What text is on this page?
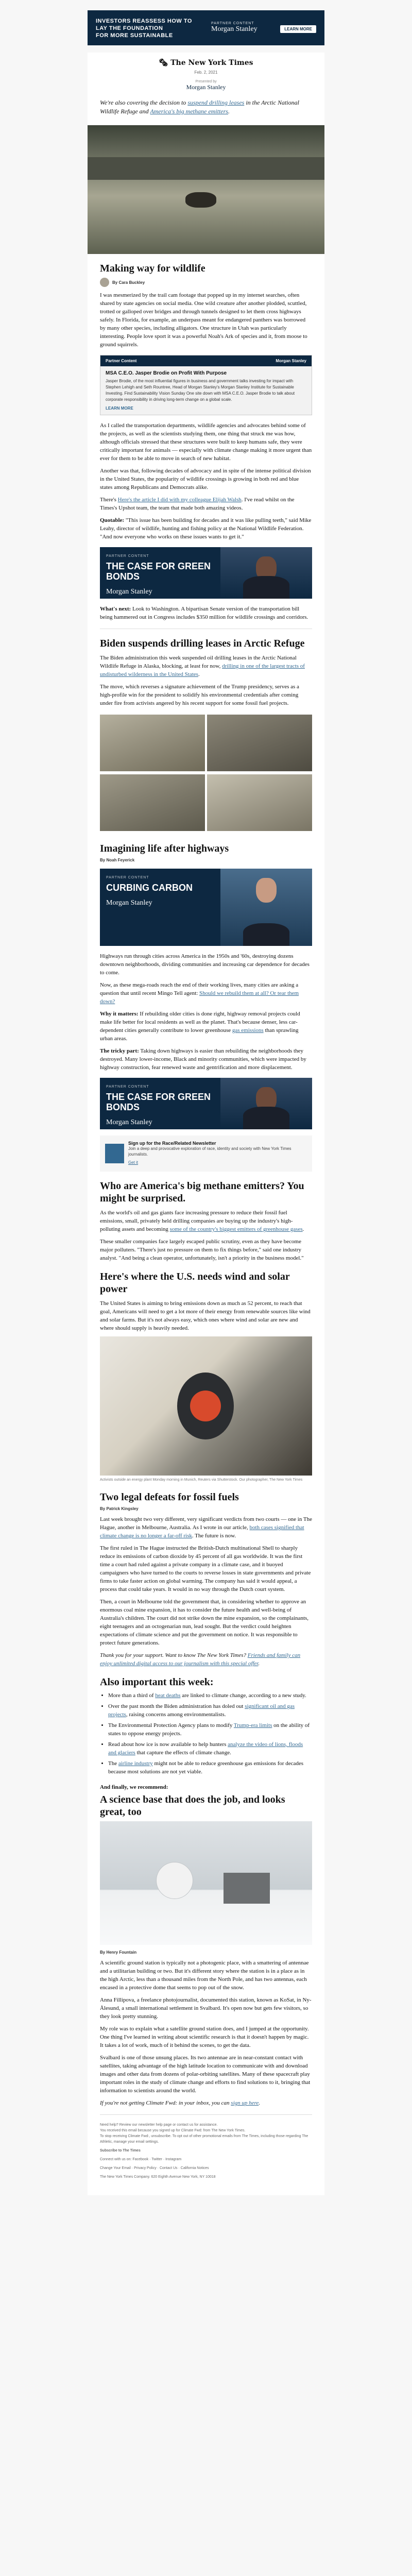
INVESTORS REASSESS HOW TO LAY THE FOUNDATION
FOR MORE SUSTAINABLE
PARTNER CONTENT
Morgan Stanley	LEARN MORE
🗞 The New York Times
Feb. 2, 2021
Presented by
Morgan Stanley
We're also covering the decision to suspend drilling leases in the Arctic National Wildlife Refuge and America's big methane emitters.
Making way for wildlife
By Cara Buckley

I was mesmerized by the trail cam footage that popped up in my internet searches, often shared by state agencies on social media. One wild creature after another plodded, scuttled, trotted or galloped over bridges and through tunnels designed to let them cross highways safely. In Florida, for example, an underpass meant for endangered panthers was borrowed by many other species, including alligators. One structure in Utah was particularly interesting. People love sport it was a powerful Noah's Ark of species and it, from moose to ground squirrels.

Partner Content	Morgan Stanley
MSA C.E.O. Jasper Brodie on Profit With Purpose
Jasper Brodie, of the most influential figures in business and government talks investing for impact with Stephen Lehigh and Seth Rountree, Head of Morgan Stanley's Morgan Stanley Institute for Sustainable Investing. Find Sustainability Vision Sunday One site down with MSA C.E.O. Jasper Brodie to talk about corporate responsibility in driving long-term change on a global scale.
LEARN MORE

As I called the transportation departments, wildlife agencies and advocates behind some of the projects, as well as the scientists studying them, one thing that struck me was how, although officials stressed that these structures were built to keep humans safe, they were critically important for animals — especially with climate change making it more urgent than ever for them to be able to move in search of new habitat.

Another was that, following decades of advocacy and in spite of the intense political division in the United States, the popularity of wildlife crossings is growing in both red and blue states among Republicans and Democrats alike.

There's Here's the article I did with my colleague Elijah Walsh. I've read whilst on the Times's Upshot team, the team that made both amazing videos.

Quotable: "This issue has been building for decades and it was like pulling teeth," said Mike Leahy, director of wildlife, hunting and fishing policy at the National Wildlife Federation. "And now everyone who works on these issues wants to get it."

PARTNER CONTENT
THE CASE FOR GREEN BONDS
Morgan Stanley

What's next: Look to Washington. A bipartisan Senate version of the transportation bill being hammered out in Congress includes $350 million for wildlife crossings and corridors.

Biden suspends drilling leases in Arctic Refuge

The Biden administration this week suspended oil drilling leases in the Arctic National Wildlife Refuge in Alaska, blocking, at least for now, drilling in one of the largest tracts of undisturbed wilderness in the United States.

The move, which reverses a signature achievement of the Trump presidency, serves as a high-profile win for the president to solidify his environmental credentials after coming under fire from activists angered by his recent support for some fossil fuel projects.

Imagining life after highways
By Noah Feyerick
PARTNER CONTENT
CURBING CARBON
Morgan Stanley

Highways run through cities across America in the 1950s and '60s, destroying dozens downtown neighborhoods, dividing communities and increasing car dependence for decades to come.

Now, as these mega-roads reach the end of their working lives, many cities are asking a question that until recent Mingo Tell agent: Should we rebuild them at all? Or tear them down?

Why it matters: If rebuilding older cities is done right, highway removal projects could make life better for local residents as well as the planet. That's because denser, less car-dependent cities generally contribute to lower greenhouse gas emissions than sprawling urban areas.

The tricky part: Taking down highways is easier than rebuilding the neighborhoods they destroyed. Many lower-income, Black and minority communities, which were impacted by highway construction, fear renewed waste and gentrification and more displacement.

PARTNER CONTENT
THE CASE FOR GREEN BONDS
Morgan Stanley
Sign up for the Race/Related Newsletter
Join a deep and provocative exploration of race, identity and society with New York Times journalists.
Get it
Who are America's big methane emitters? You might be surprised.

As the world's oil and gas giants face increasing pressure to reduce their fossil fuel emissions, small, privately held drilling companies are buying up the industry's high-polluting assets and becoming some of the country's biggest emitters of greenhouse gases.

These smaller companies face largely escaped public scrutiny, even as they have become major polluters. "There's just no pressure on them to fix things before," said one industry analyst. "And being a clean operator, unfortunately, isn't a priority in the business model."

Here's where the U.S. needs wind and solar power

The United States is aiming to bring emissions down as much as 52 percent, to reach that goal, Americans will need to get a lot more of their energy from renewable sources like wind and solar farms. But it's not always easy, which ones where wind and solar are new and where should supply is heavily needed.

Activists outside an energy plant Monday morning in Munich, Reuters via Shutterstock. Our photographer, The New York Times
Two legal defeats for fossil fuels
By Patrick Kingsley

Last week brought two very different, very significant verdicts from two courts — one in The Hague, another in Melbourne, Australia. As I wrote in our article, both cases signified that climate change is no longer a far-off risk. The future is now.

The first ruled in The Hague instructed the British-Dutch multinational Shell to sharply reduce its emissions of carbon dioxide by 45 percent of all gas worldwide. It was the first time a court had ruled against a private company in a climate case, and it buoyed campaigners who have turned to the courts to reverse losses in state governments and private firms to take faster action on global warming. The company has said it would appeal, a process that could take years. It would in no way through the Dutch court system.

Then, a court in Melbourne told the government that, in considering whether to approve an enormous coal mine expansion, it has to consider the future health and well-being of Australia's children. The court did not strike down the mine expansion, so the complainants, eight teenagers and an octogenarian nun, lead sought. But the verdict could heighten expectations of climate science and put the government on notice. It was responsible to protect future generations.

Thank you for your support. Want to know The New York Times? Friends and family can enjoy unlimited digital access to our journalism with this special offer.

Also important this week:
• More than a third of heat deaths are linked to climate change, according to a new study.
• Over the past month the Biden administration has doled out significant oil and gas projects, raising concerns among environmentalists.
• The Environmental Protection Agency plans to modify Trump-era limits on the ability of states to oppose energy projects.
• Read about how ice is now available to help hunters analyze the video of lions, floods and glaciers that capture the effects of climate change.
• The airline industry might not be able to reduce greenhouse gas emissions for decades because most solutions are not yet viable.
And finally, we recommend:
A science base that does the job, and looks great, too
By Henry Fountain

A scientific ground station is typically not a photogenic place, with a smattering of antennae and a utilitarian building or two. But it's different story where the station is in a place as in the high Arctic, less than a thousand miles from the North Pole, and has two antennas, each encased in a protective dome that seems to pop out of the snow.

Anna Fillipova, a freelance photojournalist, documented this station, known as KoSat, in Ny-Ålesund, a small international settlement in Svalbard. It's open now but gets few visitors, so they look pretty stunning.

My role was to explain what a satellite ground station does, and I jumped at the opportunity. One thing I've learned in writing about scientific research is that it doesn't happen by magic. It takes a lot of work, much of it behind the scenes, to get the data.

Svalbard is one of those unsung places. Its two antennae are in near-constant contact with satellites, taking advantage of the high latitude location to communicate with and download images and other data from dozens of polar-orbiting satellites. Many of these spacecraft play important roles in the study of climate change and efforts to find solutions to it, bringing that information to scientists around the world.

If you're not getting Climate Fwd: in your inbox, you can sign up here.

Need help? Review our newsletter help page or contact us for assistance.
You received this email because you signed up for Climate Fwd: from The New York Times.
To stop receiving Climate Fwd:, unsubscribe. To opt out of other promotional emails from The Times, including those regarding The Athletic, manage your email settings.
Subscribe to The Times
Connect with us on: Facebook · Twitter · Instagram
Change Your Email · Privacy Policy · Contact Us · California Notices
The New York Times Company. 620 Eighth Avenue New York, NY 10018
